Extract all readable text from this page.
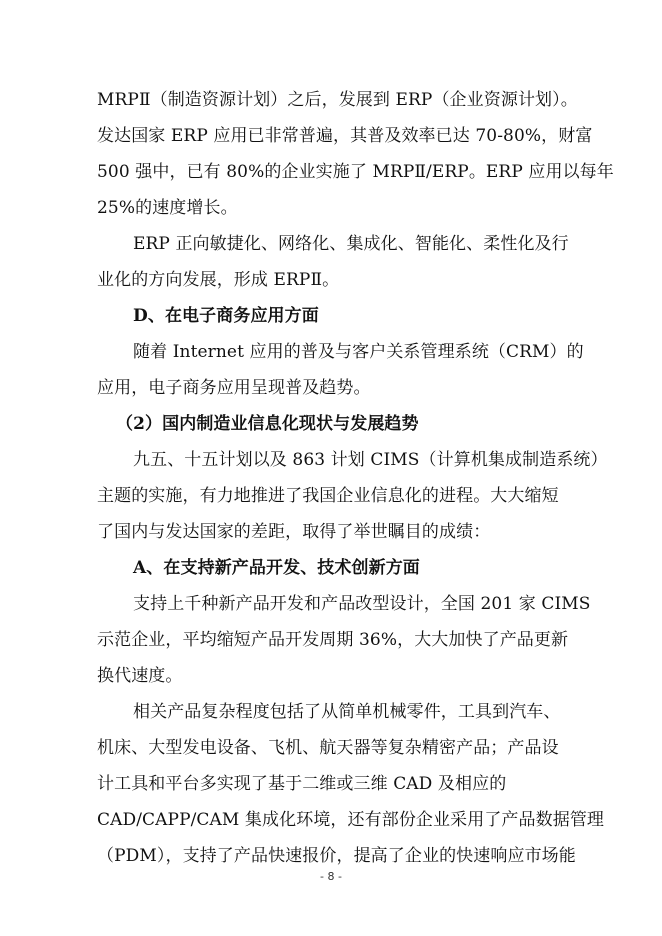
MRPⅡ（制造资源计划）之后，发展到 ERP（企业资源计划）。
发达国家 ERP 应用已非常普遍，其普及效率已达 70-80%，财富
500 强中，已有 80%的企业实施了 MRPⅡ/ERP。ERP 应用以每年
25%的速度增长。
ERP 正向敏捷化、网络化、集成化、智能化、柔性化及行
业化的方向发展，形成 ERPⅡ。
D、在电子商务应用方面
随着 Internet 应用的普及与客户关系管理系统（CRM）的
应用，电子商务应用呈现普及趋势。
（2）国内制造业信息化现状与发展趋势
九五、十五计划以及 863 计划 CIMS（计算机集成制造系统）
主题的实施，有力地推进了我国企业信息化的进程。大大缩短
了国内与发达国家的差距，取得了举世瞩目的成绩：
A、在支持新产品开发、技术创新方面
支持上千种新产品开发和产品改型设计，全国 201 家 CIMS
示范企业，平均缩短产品开发周期 36%，大大加快了产品更新
换代速度。
相关产品复杂程度包括了从简单机械零件，工具到汽车、
机床、大型发电设备、飞机、航天器等复杂精密产品；产品设
计工具和平台多实现了基于二维或三维 CAD 及相应的
CAD/CAPP/CAM 集成化环境，还有部份企业采用了产品数据管理
（PDM），支持了产品快速报价，提高了企业的快速响应市场能
- 8 -
